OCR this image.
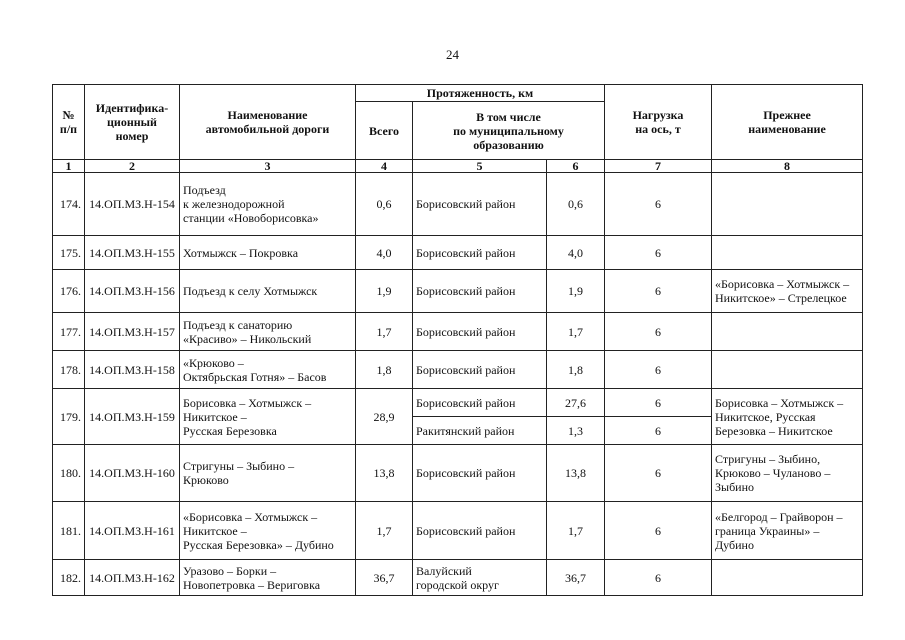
24
№
п/п	Идентифика-
ционный
номер	Наименование
автомобильной дороги	Протяженность, км			Нагрузка
на ось, т	Прежнее
наименование
			Всего	В том числе
по муниципальному
образованию			
1	2	3	4	5	6	7	8
174.	14.ОП.МЗ.Н-154	Подъезд
к железнодорожной
станции «Новоборисовка»	0,6	Борисовский район	0,6	6	
175.	14.ОП.МЗ.Н-155	Хотмыжск – Покровка	4,0	Борисовский район	4,0	6	
176.	14.ОП.МЗ.Н-156	Подъезд к селу Хотмыжск	1,9	Борисовский район	1,9	6	«Борисовка – Хотмыжск –
Никитское» – Стрелецкое
177.	14.ОП.МЗ.Н-157	Подъезд к санаторию
«Красиво» – Никольский	1,7	Борисовский район	1,7	6	
178.	14.ОП.МЗ.Н-158	«Крюково –
Октябрьская Готня» – Басов	1,8	Борисовский район	1,8	6	
179.	14.ОП.МЗ.Н-159	Борисовка – Хотмыжск –
Никитское –
Русская Березовка	28,9	Борисовский район	27,6	6	Борисовка – Хотмыжск –
Никитское, Русская
Березовка – Никитское
				Ракитянский район	1,3	6	
180.	14.ОП.МЗ.Н-160	Стригуны – Зыбино –
Крюково	13,8	Борисовский район	13,8	6	Стригуны – Зыбино,
Крюково – Чуланово –
Зыбино
181.	14.ОП.МЗ.Н-161	«Борисовка – Хотмыжск –
Никитское –
Русская Березовка» – Дубино	1,7	Борисовский район	1,7	6	«Белгород – Грайворон –
граница Украины» –
Дубино
182.	14.ОП.МЗ.Н-162	Уразово – Борки –
Новопетровка – Вериговка	36,7	Валуйский
городской округ	36,7	6	
